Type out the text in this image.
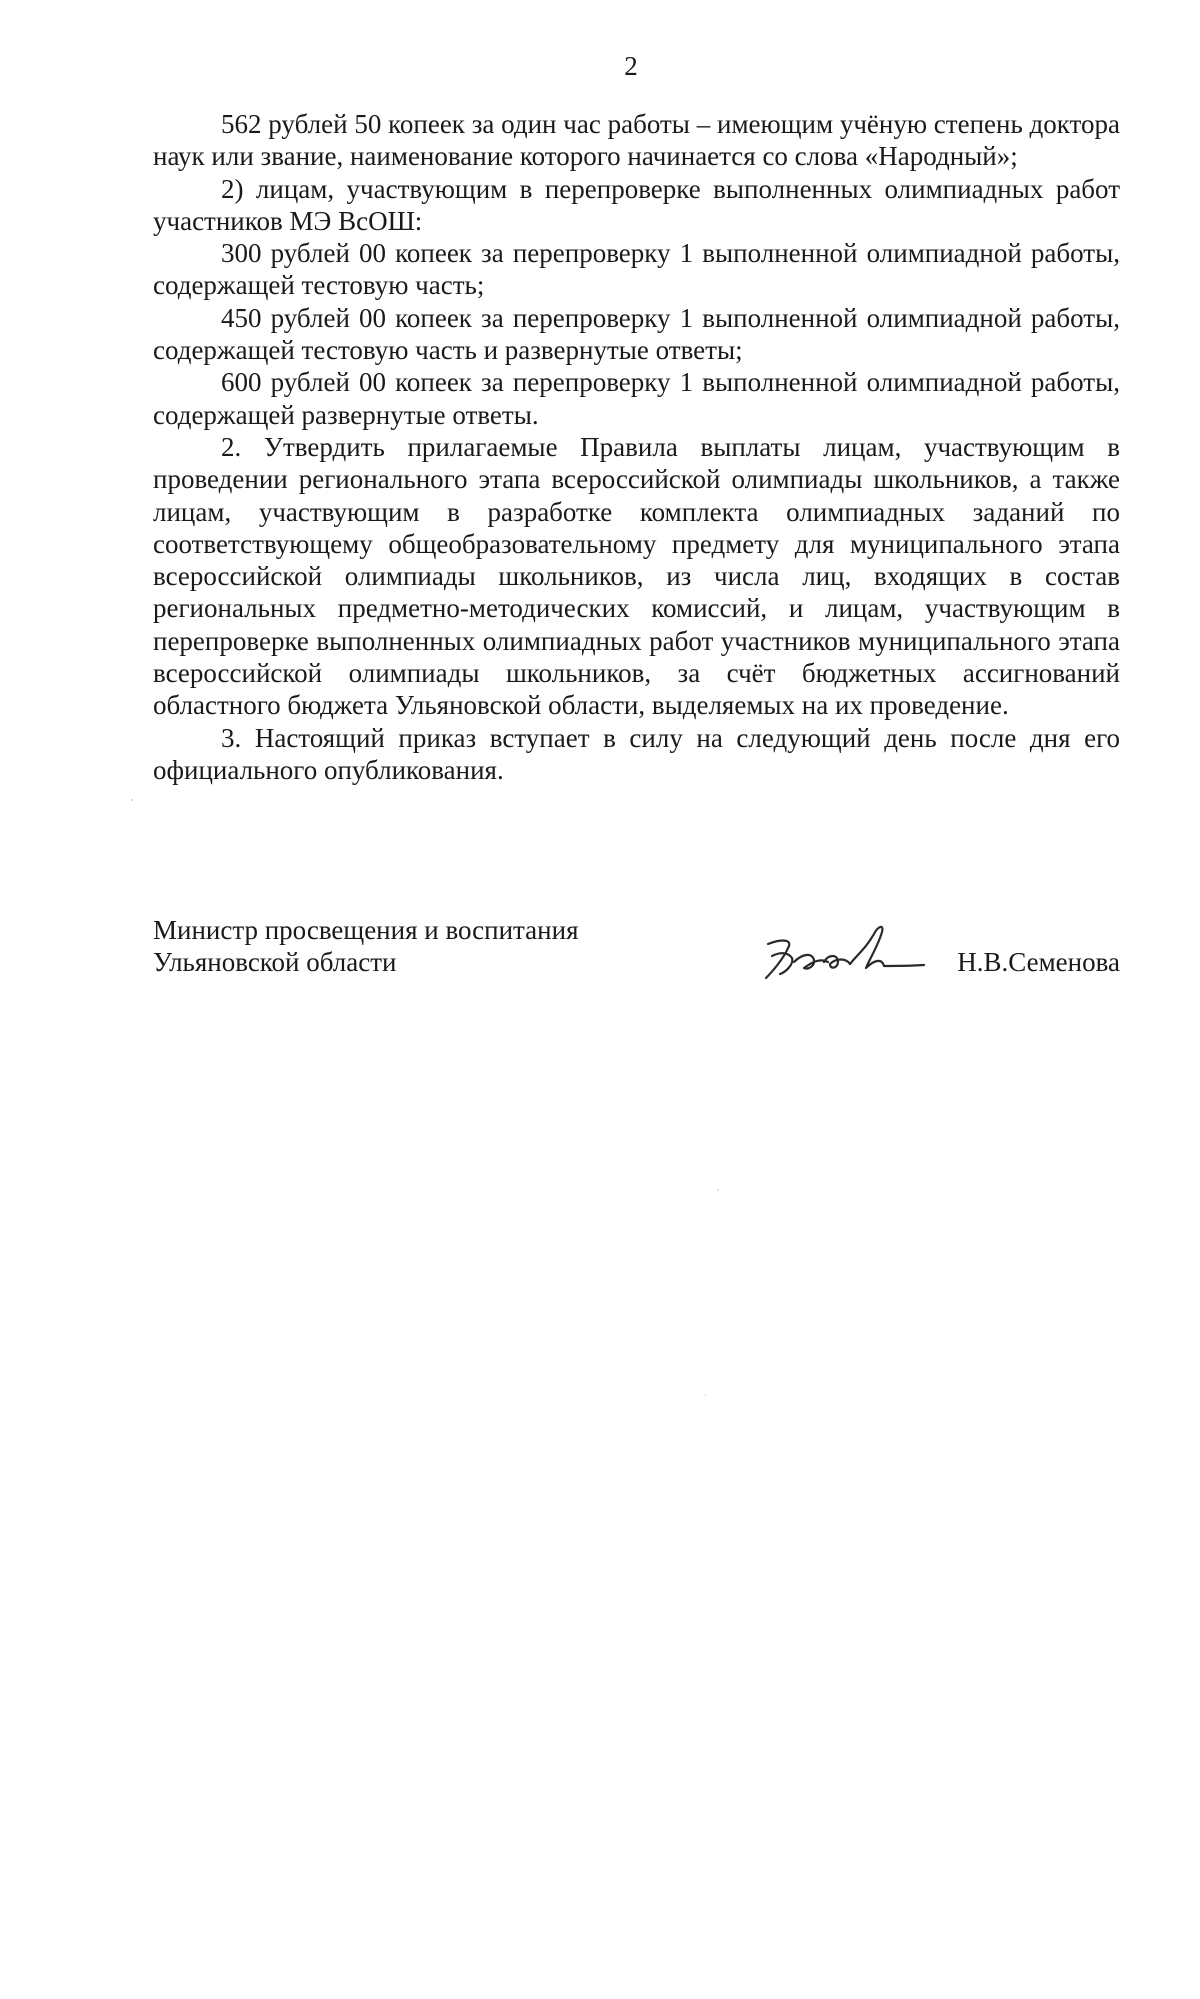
2

562 рублей 50 копеек за один час работы – имеющим учёную степень доктора наук или звание, наименование которого начинается со слова «Народный»;

2) лицам, участвующим в перепроверке выполненных олимпиадных работ участников МЭ ВсОШ:

300 рублей 00 копеек за перепроверку 1 выполненной олимпиадной работы, содержащей тестовую часть;

450 рублей 00 копеек за перепроверку 1 выполненной олимпиадной работы, содержащей тестовую часть и развернутые ответы;

600 рублей 00 копеек за перепроверку 1 выполненной олимпиадной работы, содержащей развернутые ответы.

2. Утвердить прилагаемые Правила выплаты лицам, участвующим в проведении регионального этапа всероссийской олимпиады школьников, а также лицам, участвующим в разработке комплекта олимпиадных заданий по соответствующему общеобразовательному предмету для муниципального этапа всероссийской олимпиады школьников, из числа лиц, входящих в состав региональных предметно-методических комиссий, и лицам, участвующим в перепроверке выполненных олимпиадных работ участников муниципального этапа всероссийской олимпиады школьников, за счёт бюджетных ассигнований областного бюджета Ульяновской области, выделяемых на их проведение.

3. Настоящий приказ вступает в силу на следующий день после дня его официального опубликования.

Министр просвещения и воспитания
Ульяновской области	Н.В.Семенова
